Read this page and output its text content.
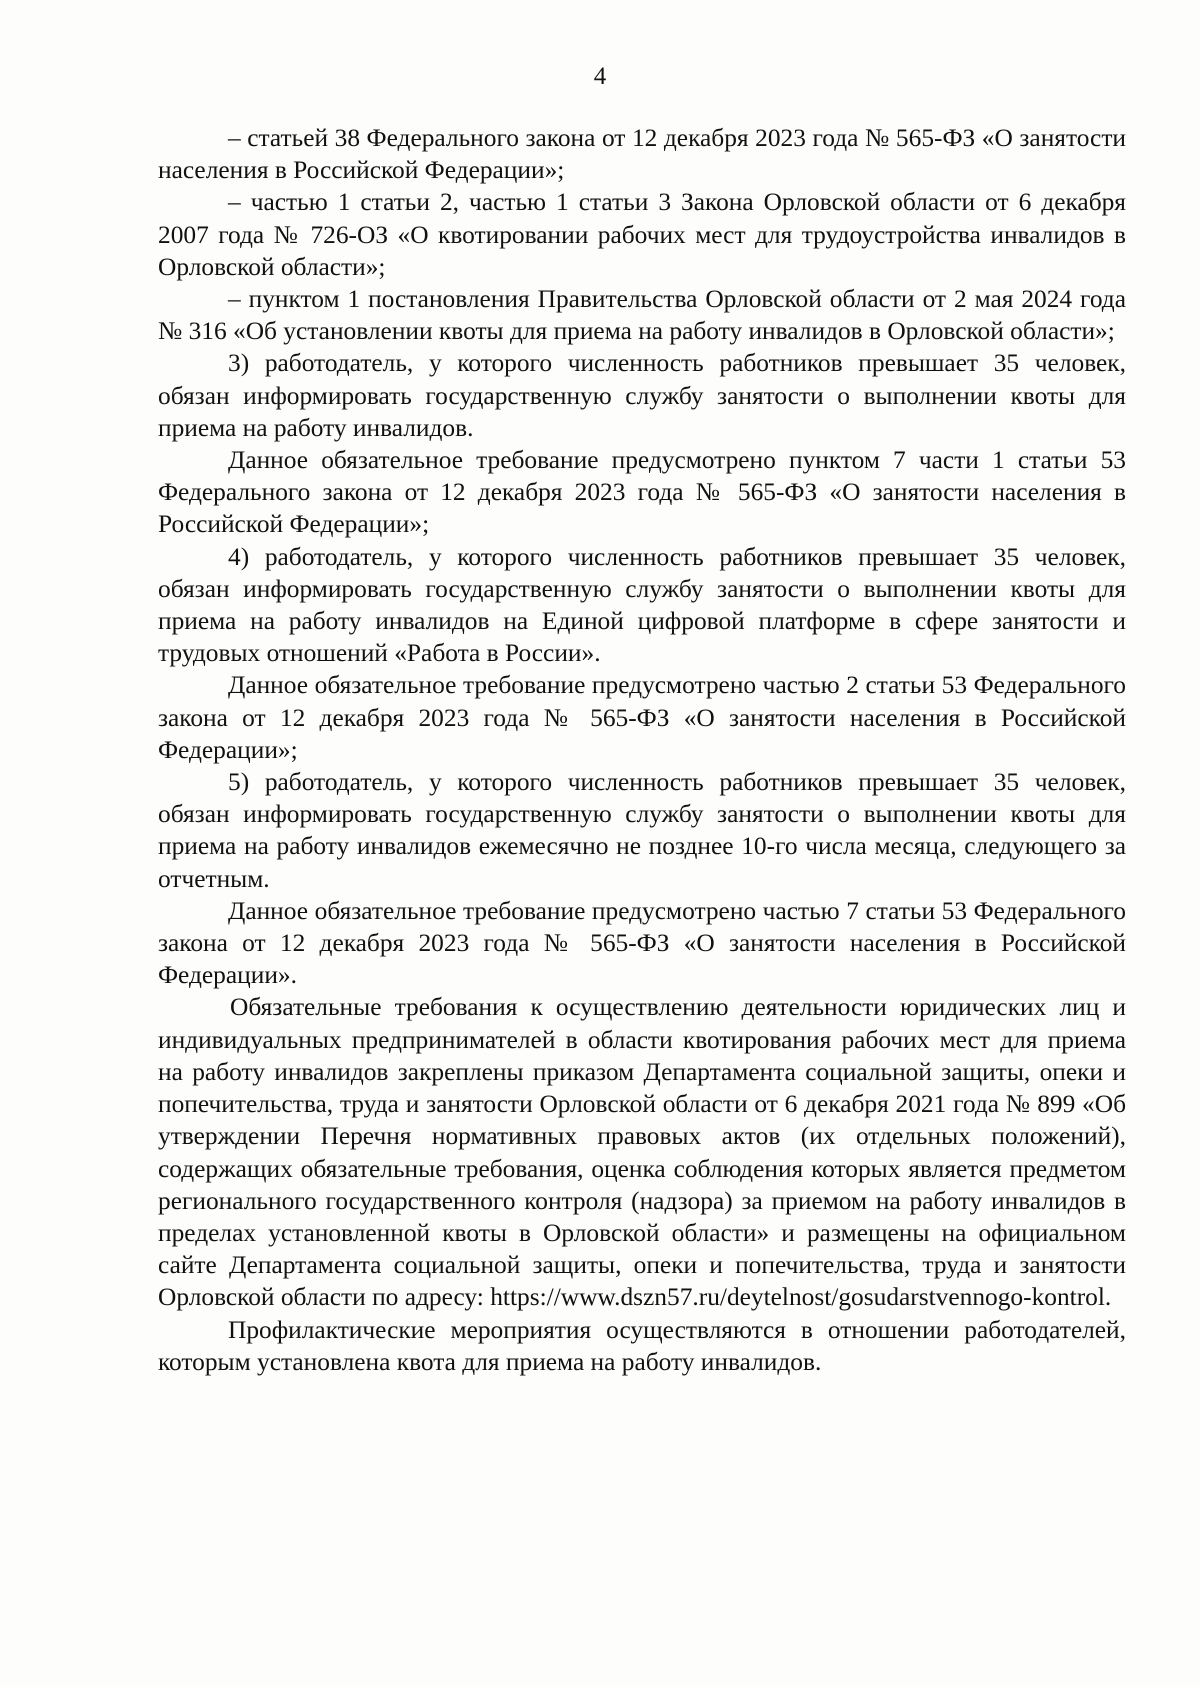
4

– статьей 38 Федерального закона от 12 декабря 2023 года № 565-ФЗ «О занятости населения в Российской Федерации»;

– частью 1 статьи 2, частью 1 статьи 3 Закона Орловской области от 6 декабря 2007 года № 726-ОЗ «О квотировании рабочих мест для трудоустройства инвалидов в Орловской области»;

– пунктом 1 постановления Правительства Орловской области от 2 мая 2024 года № 316 «Об установлении квоты для приема на работу инвалидов в Орловской области»;

3) работодатель, у которого численность работников превышает 35 человек, обязан информировать государственную службу занятости о выполнении квоты для приема на работу инвалидов.

Данное обязательное требование предусмотрено пунктом 7 части 1 статьи 53 Федерального закона от 12 декабря 2023 года № 565-ФЗ «О занятости населения в Российской Федерации»;

4) работодатель, у которого численность работников превышает 35 человек, обязан информировать государственную службу занятости о выполнении квоты для приема на работу инвалидов на Единой цифровой платформе в сфере занятости и трудовых отношений «Работа в России».

Данное обязательное требование предусмотрено частью 2 статьи 53 Федерального закона от 12 декабря 2023 года № 565-ФЗ «О занятости населения в Российской Федерации»;

5) работодатель, у которого численность работников превышает 35 человек, обязан информировать государственную службу занятости о выполнении квоты для приема на работу инвалидов ежемесячно не позднее 10-го числа месяца, следующего за отчетным.

Данное обязательное требование предусмотрено частью 7 статьи 53 Федерального закона от 12 декабря 2023 года № 565-ФЗ «О занятости населения в Российской Федерации».

Обязательные требования к осуществлению деятельности юридических лиц и индивидуальных предпринимателей в области квотирования рабочих мест для приема на работу инвалидов закреплены приказом Департамента социальной защиты, опеки и попечительства, труда и занятости Орловской области от 6 декабря 2021 года № 899 «Об утверждении Перечня нормативных правовых актов (их отдельных положений), содержащих обязательные требования, оценка соблюдения которых является предметом регионального государственного контроля (надзора) за приемом на работу инвалидов в пределах установленной квоты в Орловской области» и размещены на официальном сайте Департамента социальной защиты, опеки и попечительства, труда и занятости Орловской области по адресу: https://www.dszn57.ru/deytelnost/gosudarstvennogo-kontrol.

Профилактические мероприятия осуществляются в отношении работодателей, которым установлена квота для приема на работу инвалидов.
